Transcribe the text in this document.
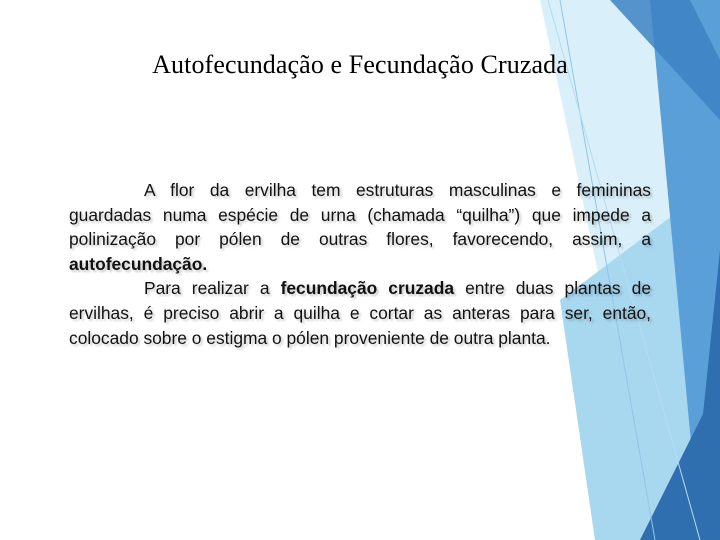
Autofecundação e Fecundação Cruzada

A flor da ervilha tem estruturas masculinas e femininas guardadas numa espécie de urna (chamada “quilha”) que impede a polinização por pólen de outras flores, favorecendo, assim, a autofecundação.

Para realizar a fecundação cruzada entre duas plantas de ervilhas, é preciso abrir a quilha e cortar as anteras para ser, então, colocado sobre o estigma o pólen proveniente de outra planta.
